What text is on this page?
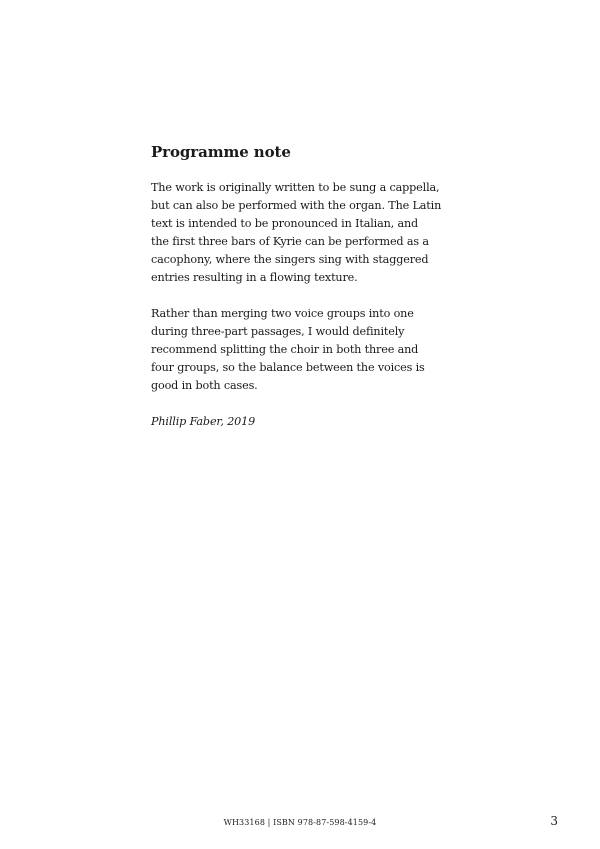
Programme note

The work is originally written to be sung a cappella,
but can also be performed with the organ. The Latin
text is intended to be pronounced in Italian, and
the first three bars of Kyrie can be performed as a
cacophony, where the singers sing with staggered
entries resulting in a flowing texture.

Rather than merging two voice groups into one
during three-part passages, I would definitely
recommend splitting the choir in both three and
four groups, so the balance between the voices is
good in both cases.

Phillip Faber, 2019

WH33168 | ISBN 978-87-598-4159-4	3
